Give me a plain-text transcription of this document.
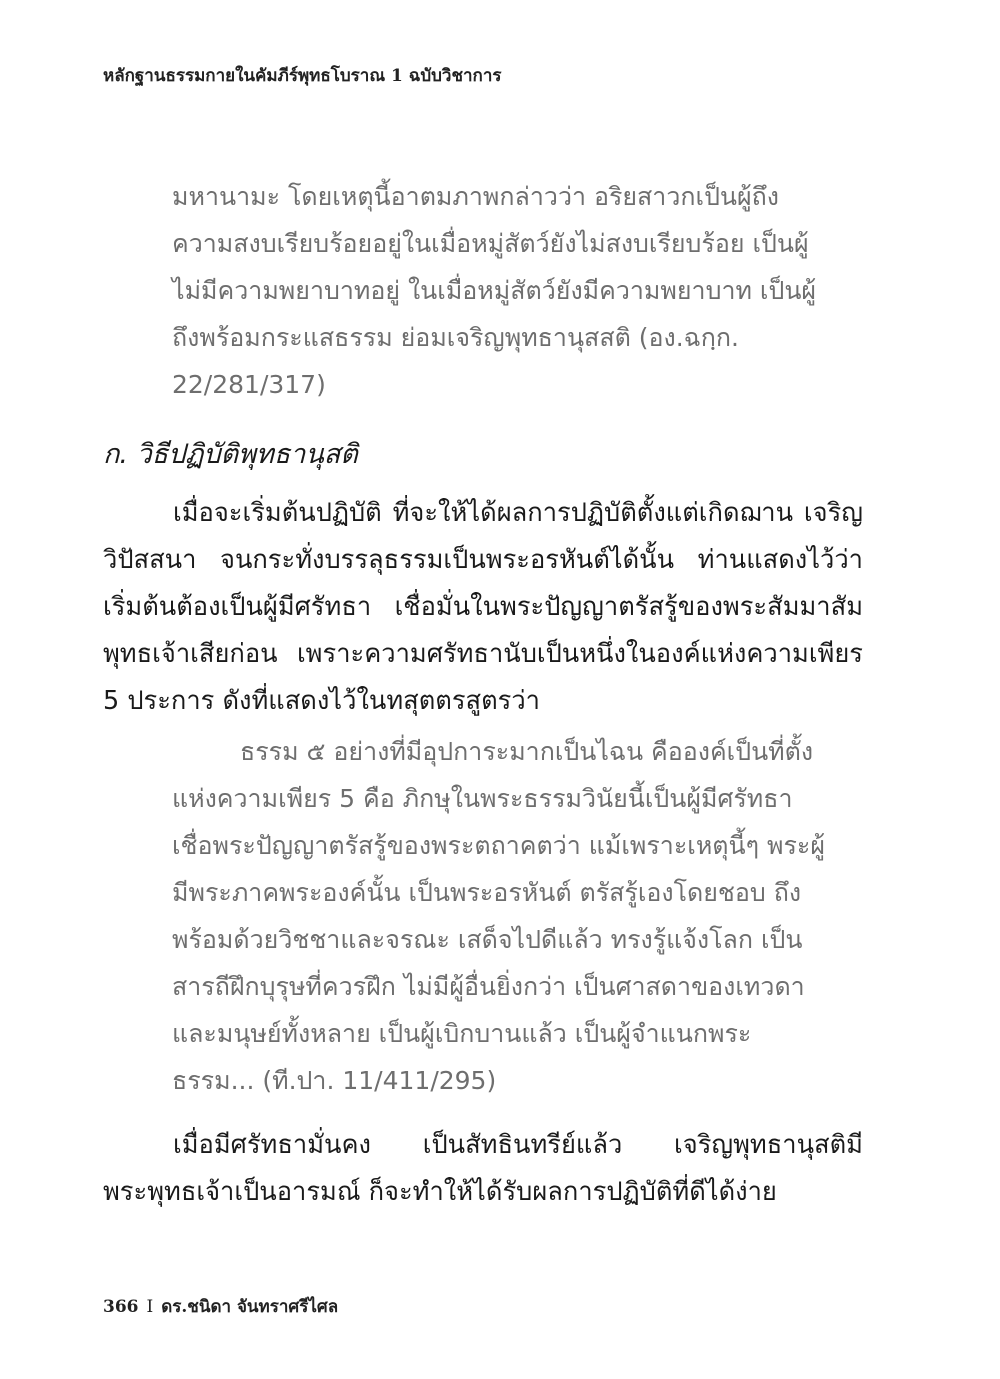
หลักฐานธรรมกายในคัมภีร์พุทธโบราณ 1 ฉบับวิชาการ

มหานามะ โดยเหตุนี้อาตมภาพกล่าวว่า อริยสาวกเป็นผู้ถึงความสงบเรียบร้อยอยู่ในเมื่อหมู่สัตว์ยังไม่สงบเรียบร้อย เป็นผู้ไม่มีความพยาบาทอยู่ ในเมื่อหมู่สัตว์ยังมีความพยาบาท เป็นผู้ถึงพร้อมกระแสธรรม ย่อมเจริญพุทธานุสสติ (อง.ฉกฺก. 22/281/317)

ก. วิธีปฏิบัติพุทธานุสติ

เมื่อจะเริ่มต้นปฏิบัติ ที่จะให้ได้ผลการปฏิบัติตั้งแต่เกิดฌาน เจริญวิปัสสนา จนกระทั่งบรรลุธรรมเป็นพระอรหันต์ได้นั้น ท่านแสดงไว้ว่า เริ่มต้นต้องเป็นผู้มีศรัทธา เชื่อมั่นในพระปัญญาตรัสรู้ของพระสัมมาสัมพุทธเจ้าเสียก่อน เพราะความศรัทธานับเป็นหนึ่งในองค์แห่งความเพียร 5 ประการ ดังที่แสดงไว้ในทสุตตรสูตรว่า

ธรรม ๕ อย่างที่มีอุปการะมากเป็นไฉน คือองค์เป็นที่ตั้งแห่งความเพียร 5 คือ ภิกษุในพระธรรมวินัยนี้เป็นผู้มีศรัทธา เชื่อพระปัญญาตรัสรู้ของพระตถาคตว่า แม้เพราะเหตุนี้ๆ พระผู้มีพระภาคพระองค์นั้น เป็นพระอรหันต์ ตรัสรู้เองโดยชอบ ถึงพร้อมด้วยวิชชาและจรณะ เสด็จไปดีแล้ว ทรงรู้แจ้งโลก เป็นสารถีฝึกบุรุษที่ควรฝึก ไม่มีผู้อื่นยิ่งกว่า เป็นศาสดาของเทวดาและมนุษย์ทั้งหลาย เป็นผู้เบิกบานแล้ว เป็นผู้จำแนกพระธรรม... (ที.ปา. 11/411/295)

เมื่อมีศรัทธามั่นคง เป็นสัทธินทรีย์แล้ว เจริญพุทธานุสติมีพระพุทธเจ้าเป็นอารมณ์ ก็จะทำให้ได้รับผลการปฏิบัติที่ดีได้ง่าย

366 I ดร.ชนิดา จันทราศรีไศล
